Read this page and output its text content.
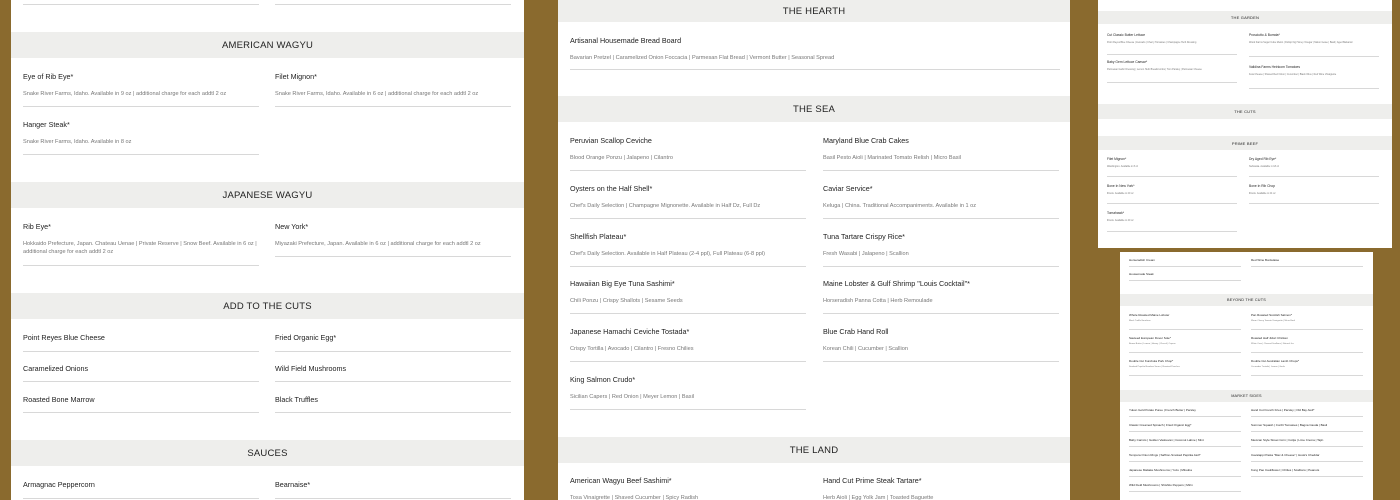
AMERICAN WAGYU
Eye of Rib Eye*
Snake River Farms, Idaho. Available in 9 oz | additional charge for each addtl 2 oz
Filet Mignon*
Snake River Farms, Idaho. Available in 6 oz | additional charge for each addtl 2 oz
Hanger Steak*
Snake River Farms, Idaho. Available in 8 oz
JAPANESE WAGYU
Rib Eye*
Hokkaido Prefecture, Japan. Chateau Uenae | Private Reserve | Snow Beef. Available in 6 oz | additional charge for each addtl 2 oz
New York*
Miyazaki Prefecture, Japan. Available in 6 oz | additional charge for each addtl 2 oz
ADD TO THE CUTS
Point Reyes Blue Cheese	Fried Organic Egg*
Caramelized Onions	Wild Field Mushrooms
Roasted Bone Marrow	Black Truffles
SAUCES
Armagnac Peppercorn	Bearnaise*
THE HEARTH
Artisanal Housemade Bread Board
Bavarian Pretzel | Caramelized Onion Foccacia | Parmesan Flat Bread | Vermont Butter | Seasonal Spread
THE SEA
Peruvian Scallop Ceviche
Blood Orange Ponzu | Jalapeno | Cilantro
Maryland Blue Crab Cakes
Basil Pesto Aioli | Marinated Tomato Relish | Micro Basil
Oysters on the Half Shell*
Chef's Daily Selection | Champagne Mignonette. Available in Half Dz, Full Dz
Caviar Service*
Keluga | China. Traditional Accompaniments. Available in 1 oz
Shellfish Plateau*
Chef's Daily Selection. Available in Half Plateau (2-4 ppl), Full Plateau (6-8 ppl)
Tuna Tartare Crispy Rice*
Fresh Wasabi | Jalapeno | Scallion
Hawaiian Big Eye Tuna Sashimi*
Chili Ponzu | Crispy Shallots | Sesame Seeds
Maine Lobster & Gulf Shrimp "Louis Cocktail"*
Horseradish Panna Cotta | Herb Remoulade
Japanese Hamachi Ceviche Tostada*
Crispy Tortilla | Avocado | Cilantro | Fresno Chilies
Blue Crab Hand Roll
Korean Chili | Cucumber | Scallion
King Salmon Crudo*
Sicilian Capers | Red Onion | Meyer Lemon | Basil
THE LAND
American Wagyu Beef Sashimi*
Tosa Vinaigrette | Shaved Cucumber | Spicy Radish
Hand Cut Prime Steak Tartare*
Herb Aioli | Egg Yolk Jam | Toasted Baguette
THE GARDEN
Cut Classic Butter Lettuce
Point Reyes Blue Cheese | Avocado | Cherry Tomatoes | Champagne Herb Dressing
Prosciutto & Burrata*
Wood Farms Sugar Cube Melon | Dollop Fig Honey Vinegar | Melon Gelee | Basil | Aged Balsamic
Baby Gem Lettuce Caesar*
Parmesan Garlic Dressing | Lemon Herb Breadcrumbs | Torn Parsley | Parmesan Cheese
Vaildina Farms Heirloom Tomatoes
Feta Cheese | Shaved Red Onion | Cucumber | Black Olive | Red Wine Vinaigrette
THE CUTS
PRIME BEEF
Filet Mignon*
Washington. Available in 8 oz
Dry Aged Rib Eye*
Nebraska. Available in 18 oz
Bone In New York*
Illinois. Available in 20 oz
Bone In Rib Chop
Illinois. Available in 24 oz
Tomahawk*
Illinois. Available in 40 oz
Horseradish Cream	Red Wine Bordelaise
Housemade Steak
BEYOND THE CUTS
Whole Roasted Maine Lobster
Black Truffle Emulsion
Pan Roasted Scottish Salmon*
Warm Cherry Tomato Vinaigrette | Micro Basil
Sauteed European Dover Sole*
Brown Butter | Lemon | Honey | Chervil | Capers
Roasted Half Jidori Chicken
White Corn | Charred Scallions | Natural Jus
Double Cut Kurobuta Pork Chop*
Smoked Paprika Bourbon Sauce | Roasted Peaches
Double Cut Australian Lamb Chops*
Cucumber Tzatziki | Lemon | Garlic
MARKET SIDES
Yukon Gold Potato Puree | French Butter | Parsley	Hand Cut French Fries | Parsley | Old Bay Aioli*
Classic Creamed Spinach | Fried Organic Egg*	Summer Squash | Confit Tomatoes | Bagna Cauda | Basil
Baby Carrots | Golden Vadouvan | Coconut Labne | Mint	Mexican Style Street Corn | Cotija | Lime Crema | Tajin
Tempura Onion Rings | Saffron-Smoked Paprika Aioli*	Cavatappi Pasta "Mac & Cheese" | Hook's Cheddar
Japanese Maitake Mushrooms | Yuzu | Mitsuba	Kung Pao Cauliflower | Chilies | Scallions | Peanuts
Wild Field Mushrooms | Shishito Peppers | Mirin
